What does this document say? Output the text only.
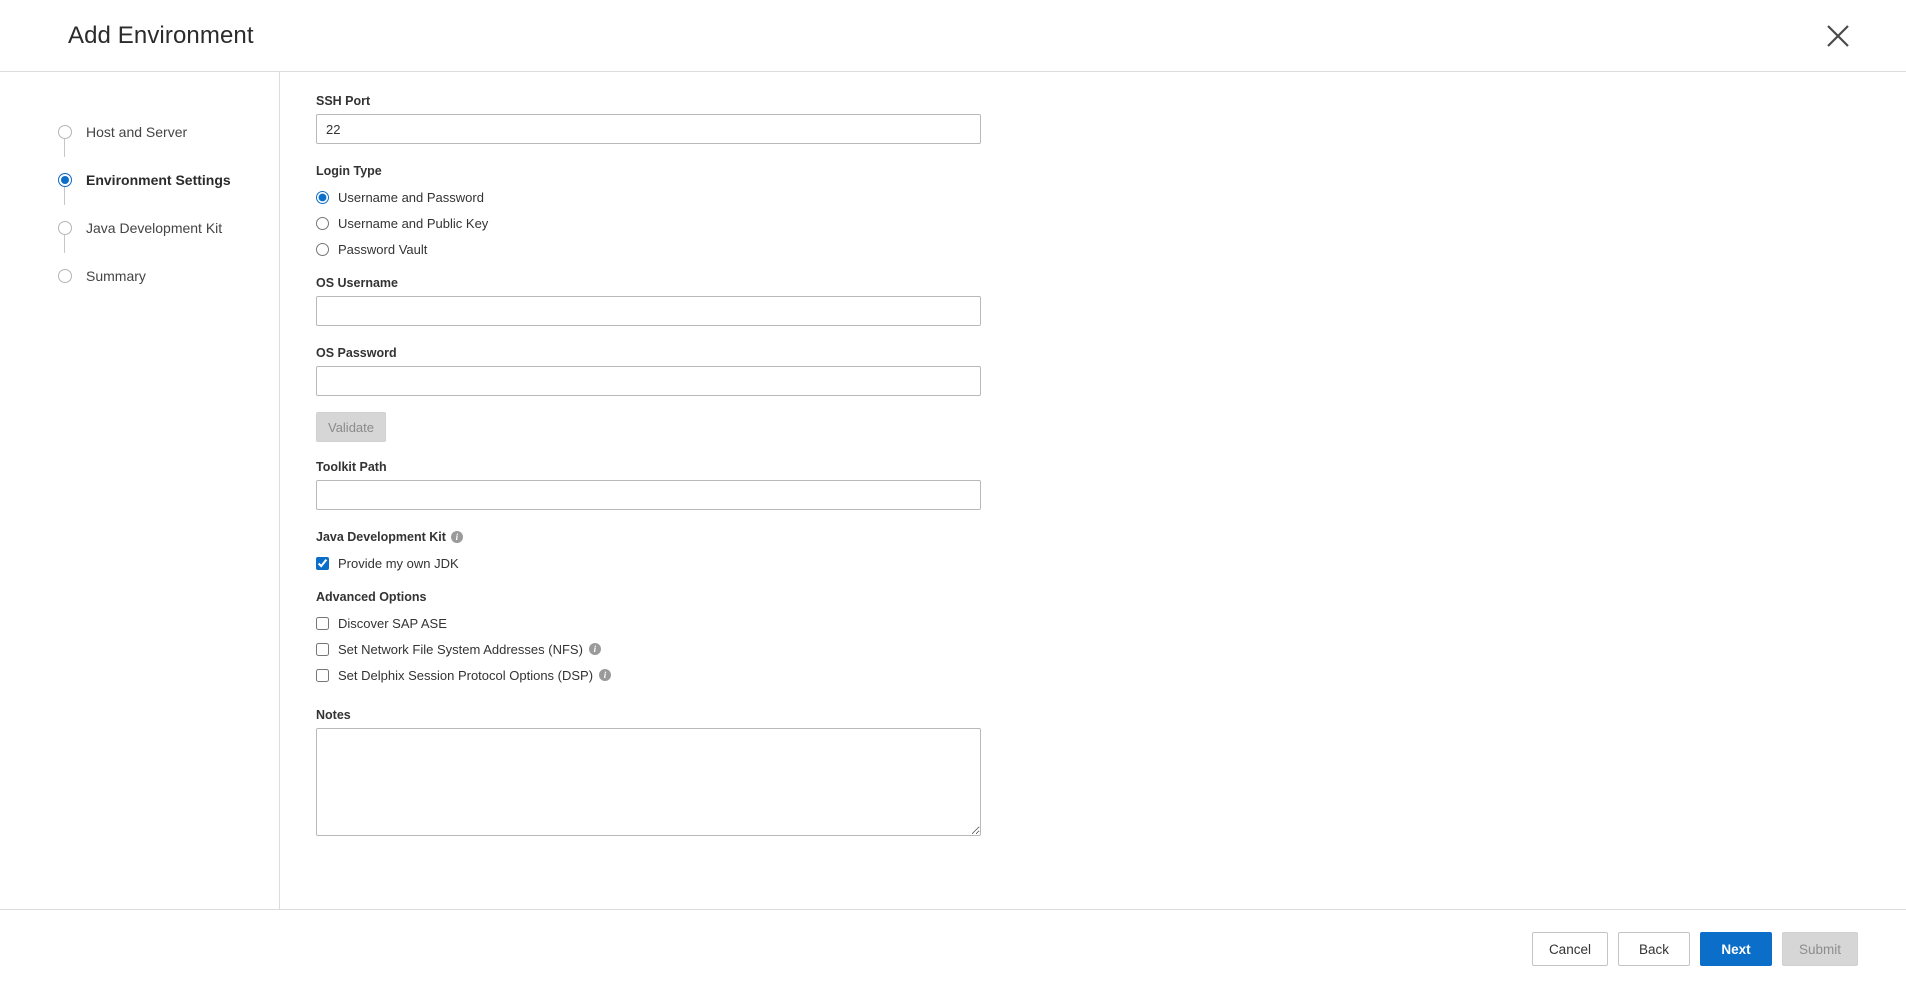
Add Environment
Host and Server
Environment Settings
Java Development Kit
Summary
SSH Port
22
Login Type
Username and Password
Username and Public Key
Password Vault
OS Username
OS Password
Validate
Toolkit Path
Java Development Kit	i
Provide my own JDK
Advanced Options
Discover SAP ASE
Set Network File System Addresses (NFS)	i
Set Delphix Session Protocol Options (DSP)	i
Notes
Cancel	Back	Next	Submit
